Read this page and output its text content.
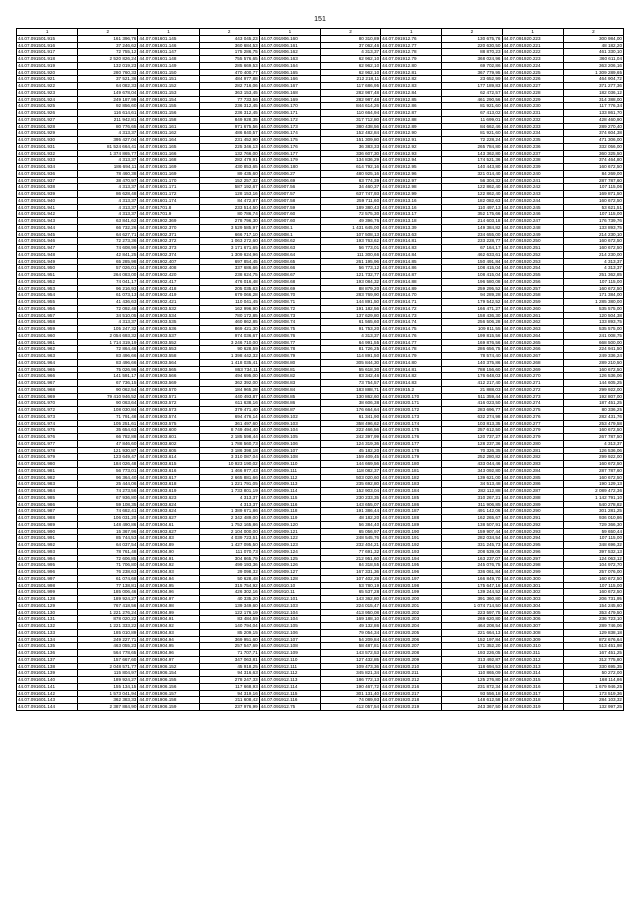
151
1	2	1	2	1	2	1	2	1	2
44.07.091501.915	161 396,76	44.07.091601.145	443 045,23	44.07.091906.160	80 310,89	44.07.091912.76	130 675,76	44.07.091920.223	300 984,00
44.07.091501.916	37 246,62	44.07.091601.146	360 684,53	44.07.091906.161	37 062,46	44.07.091912.77	220 630,50	44.07.091920.221	48 182,20
44.07.091501.917	72 755,12	44.07.091601.147	175 286,75	44.07.091906.162	4 313,37	44.07.091912.78	88 870,23	44.07.091920.222	461 330,10
44.07.091501.918	2 520 826,24	44.07.091601.148	755 576,65	44.07.091906.163	62 962,10	44.07.091912.79	368 024,96	44.07.091920.223	360 611,04
44.07.091501.919	132 019,23	44.07.091601.149	285 669,53	44.07.091906.164	62 962,10	44.07.091912.80	69 702,86	44.07.091920.224	363 206,16
44.07.091501.920	280 760,33	44.07.091601.150	470 400,77	44.07.091906.165	62 962,10	44.07.091912.81	367 779,95	44.07.091920.225	1 309 289,65
44.07.091501.921	37 521,36	44.07.091601.151	484 977,88	44.07.091906.166	212 218,11	44.07.091912.82	23 652,99	44.07.091920.226	464 904,72
44.07.091501.922	64 082,33	44.07.091601.152	282 716,06	44.07.091906.167	117 686,95	44.07.091912.83	177 189,83	44.07.091920.227	371 277,36
44.07.091501.923	149 678,04	44.07.091601.153	363 153,45	44.07.091906.168	282 987,48	44.07.091912.84	62 472,57	44.07.091920.228	182 036,12
44.07.091501.924	249 187,99	44.07.091601.154	77 733,56	44.07.091906.169	282 987,48	44.07.091912.85	461 290,56	44.07.091920.229	314 388,00
44.07.091501.925	92 856,60	44.07.091601.155	236 312,45	44.07.091906.170	844 614,26	44.07.091912.86	81 921,60	44.07.091920.230	117 776,34
44.07.091501.926	116 614,61	44.07.091601.156	236 312,45	44.07.091906.171	110 664,94	44.07.091912.87	67 413,02	44.07.091920.231	133 861,70
44.07.091501.927	211 942,81	44.07.091601.158	849 928,35	44.07.091906.172	317 712,80	44.07.091912.88	11 699,01	44.07.091920.232	428 460,90
44.07.091501.928	80 776,65	44.07.091601.161	971 675,56	44.07.091906.173	380 438,56	44.07.091912.89	84 662,46	44.07.091920.233	289 270,40
44.07.091501.929	4 313,37	44.07.091601.162	486 840,57	44.07.091906.174	152 482,84	44.07.091912.90	81 921,60	44.07.091920.234	374 604,38
44.07.091501.930	395 427,04	44.07.091601.164	231 452,90	44.07.091906.175	151 309,80	44.07.091912.91	72 228,24	44.07.091920.235	471 306,00
44.07.091501.931	81 524 664,41	44.07.091601.165	225 346,13	44.07.091906.176	36 383,33	44.07.091912.92	265 784,80	44.07.091920.236	332 056,00
44.07.091501.932	1 374 865,77	44.07.091601.166	132 766,00	44.07.091906.177	336 607,30	44.07.091912.93	143 362,80	44.07.091920.237	360 325,50
44.07.091501.933	4 313,37	44.07.091601.168	282 479,91	44.07.091906.179	134 836,29	44.07.091912.94	174 521,36	44.07.091920.238	374 464,80
44.07.091501.934	186 694,11	44.07.091601.169	430 853,65	44.07.091906.180	614 792,16	44.07.091912.95	140 443,80	44.07.091920.239	160 672,50
44.07.091501.936	78 460,38	44.07.091601.169	89 435,60	44.07.091906.27	480 925,16	44.07.091912.96	321 014,40	44.07.091920.240	84 269,00
44.07.091501.937	38 470,97	44.07.091601.170	152 257,32	44.07.091906.69	63 774,39	44.07.091912.97	56 304,32	44.07.091920.241	287 787,60
44.07.091501.938	4 313,37	44.07.091601.171	587 192,67	44.07.091907.56	34 460,37	44.07.091912.98	122 862,40	44.07.091920.242	107 115,06
44.07.091501.939	86 628,48	44.07.091601.172	128 153,16	44.07.091907.57	637 747,93	44.07.091912.99	122 862,40	44.07.091920.243	169 871,50
44.07.091501.940	4 313,37	44.07.091601.174	84 472,87	44.07.091907.58	259 711,60	44.07.091913.16	182 082,63	44.07.091920.244	160 672,50
44.07.091501.941	4 313,37	44.07.091701.8	233 514,50	44.07.091907.59	189 380,43	44.07.091913.16	110 497,13	44.07.091920.245	53 621,51
44.07.091501.942	4 313,37	44.07.091701.9	80 786,74	44.07.091907.60	72 575,30	44.07.091913.17	352 175,66	44.07.091920.246	107 115,00
44.07.091501.943	63 841,62	44.07.091902.369	278 796,30	44.07.091907.60	49 396,76	44.07.091913.18	214 603,18	44.07.091920.247	176 739,76
44.07.091501.944	66 732,26	44.07.091902.370	3 529 585,97	44.07.091908.1	1 431 645,00	44.07.091913.39	149 384,82	44.07.091920.248	133 893,75
44.07.091501.945	64 627,71	44.07.091902.371	666 717,10	44.07.091908.1	107 508,13	44.07.091913.63	234 655,00	44.07.091920.249	214 230,10
44.07.091501.946	72 273,36	44.07.091902.372	1 063 272,60	44.07.091908.62	193 763,62	44.07.091914.81	233 228,77	44.07.091920.250	160 672,50
44.07.091501.947	74 608,99	44.07.091902.373	3 171 671,65	44.07.091908.63	56 773,01	44.07.091914.83	67 164,17	44.07.091920.251	160 672,50
44.07.091501.948	42 841,25	44.07.091902.374	1 309 624,96	44.07.091908.64	111 300,66	44.07.091914.84	462 633,61	44.07.091920.252	214 230,00
44.07.091501.949	65 285,98	44.07.091902.407	697 854,45	44.07.091908.65	261 195,96	44.07.091914.85	150 491,84	44.07.091920.253	4 313,37
44.07.091501.950	57 026,01	44.07.091902.408	337 686,66	44.07.091908.66	56 773,12	44.07.091914.86	108 415,04	44.07.091920.254	4 313,37
44.07.091501.951	264 083,00	44.07.091902.420	238 624,75	44.07.091908.67	121 732,77	44.07.091914.87	108 415,04	44.07.091920.255	251 362,85
44.07.091501.952	74 041,17	44.07.091902.417	476 016,48	44.07.091908.68	193 084,32	44.07.091914.88	196 580,08	44.07.091920.256	107 115,00
44.07.091501.953	96 216,93	44.07.091902.418	205 035,63	44.07.091908.69	88 879,20	44.07.091914.89	259 295,52	44.07.091920.257	160 672,50
44.07.091501.954	61 073,13	44.07.091902.419	679 066,28	44.07.091908.70	283 769,90	44.07.091914.70	94 289,28	44.07.091920.258	171 384,00
44.07.091501.955	41 436,63	44.07.091902.421	110 041,45	44.07.091908.71	144 891,50	44.07.091914.71	179 542,52	44.07.091920.259	1 285 380,00
44.07.091501.956	72 092,48	44.07.091903.532	162 996,90	44.07.091908.72	191 182,56	44.07.091914.72	166 471,27	44.07.091920.260	535 575,00
44.07.091501.957	34 510,05	44.07.091903.534	780 172,85	44.07.091908.73	137 629,80	44.07.091914.73	158 436,30	44.07.091920.261	120 504,38
44.07.091501.958	4 313,37	44.07.091903.535	460 862,85	44.07.091908.74	61 565,60	44.07.091914.74	256 506,28	44.07.091920.262	133 893,75
44.07.091501.959	105 247,32	44.07.091903.536	869 421,30	44.07.091908.75	91 753,20	44.07.091914.75	109 811,55	44.07.091920.263	535 575,00
44.07.091501.960	2 054 693,32	44.07.091903.537	974 036,67	44.07.091908.76	4 313,37	44.07.091914.76	199 815,56	44.07.091920.264	241 008,75
44.07.091501.961	1 714 319,19	44.07.091903.552	3 246 710,00	44.07.091908.77	64 991,55	44.07.091914.77	169 876,56	44.07.091920.265	668 500,00
44.07.091501.962	72 864,46	44.07.091903.553	90 628,59	44.07.091908.78	81 726,25	44.07.091914.78	286 656,75	44.07.091920.266	224 941,50
44.07.091501.963	83 496,66	44.07.091903.558	1 398 442,32	44.07.091908.79	114 891,50	44.07.091914.79	78 574,40	44.07.091920.267	249 336,24
44.07.091501.964	83 496,66	44.07.091903.564	1 418 035,41	44.07.091908.80	305 844,30	44.07.091914.80	140 375,86	44.07.091920.268	289 210,50
44.07.091501.965	75 026,96	44.07.091903.565	863 734,11	44.07.091908.81	55 618,30	44.07.091914.81	788 156,60	44.07.091920.269	160 672,50
44.07.091501.966	141 591,17	44.07.091903.566	494 695,00	44.07.091908.82	83 342,46	44.07.091914.82	176 648,03	44.07.091920.270	126 536,06
44.07.091501.967	67 736,15	44.07.091903.569	362 392,00	44.07.091908.83	73 754,57	44.07.091914.83	412 217,40	44.07.091920.271	144 605,25
44.07.091501.968	90 062,54	44.07.091903.570	184 965,28	44.07.091908.84	183 888,71	44.07.091915.2	21 888,03	44.07.091920.272	299 922,00
44.07.091501.969	79 410 946,52	44.07.091903.571	440 493,87	44.07.091908.85	130 862,60	44.07.091920.170	511 359,44	44.07.091920.273	192 807,00
44.07.091501.970	90 063,64	44.07.091903.572	611 638,16	44.07.091908.86	38 606,38	44.07.091920.171	416 023,50	44.07.091920.274	187 451,25
44.07.091501.972	108 030,84	44.07.091903.573	379 471,40	44.07.091908.87	176 664,64	44.07.091920.172	283 696,77	44.07.091920.275	80 336,25
44.07.091501.973	71 791,48	44.07.091903.574	694 476,14	44.07.091909.102	61 341,90	44.07.091920.173	632 274,98	44.07.091920.276	282 431,76
44.07.091501.974	105 251,61	44.07.091903.575	361 497,60	44.07.091909.103	358 496,62	44.07.091920.174	103 813,35	44.07.091920.277	253 479,58
44.07.091501.975	35 654,63	44.07.091903.600	8 749 494,40	44.07.091909.104	222 466,56	44.07.091920.175	257 612,50	44.07.091920.279	160 672,50
44.07.091501.976	66 782,88	44.07.091903.601	2 185 598,44	44.07.091909.105	242 397,99	44.07.091920.176	120 737,27	44.07.091920.279	267 787,50
44.07.091501.977	47 846,60	44.07.091903.602	1 788 560,73	44.07.091909.106	124 319,36	44.07.091920.177	128 237,36	44.07.091920.280	4 313,37
44.07.091501.978	121 930,87	44.07.091903.605	3 186 398,18	44.07.091909.107	45 182,20	44.07.091920.178	70 326,35	44.07.091920.281	126 536,06
44.07.091501.979	123 649,47	44.07.091903.614	3 310 087,04	44.07.091909.108	159 409,45	44.07.091920.179	252 280,82	44.07.091920.282	299 922,00
44.07.091501.980	184 026,48	44.07.091903.615	10 923 190,02	44.07.091909.110	144 669,56	44.07.091920.180	433 044,46	44.07.091920.283	160 672,50
44.07.091501.981	56 773,01	44.07.091903.616	1 466 977,43	44.07.091909.111	118 082,37	44.07.091920.181	343 092,80	44.07.091920.284	287 787,60
44.07.091501.982	96 364,40	44.07.091903.617	2 665 881,66	44.07.091909.112	503 020,60	44.07.091920.182	139 621,00	44.07.091920.285	160 672,50
44.07.091501.983	25 444,06	44.07.091903.618	1 221 791,05	44.07.091909.113	235 692,80	44.07.091920.183	34 513,48	44.07.091920.286	190 129,13
44.07.091501.984	74 273,56	44.07.091903.619	1 733 801,19	44.07.091909.114	152 903,04	44.07.091920.184	282 112,88	44.07.091920.287	2 089 472,36
44.07.091501.985	67 936,80	44.07.091903.623	4 313,37	44.07.091909.115	230 233,35	44.07.091920.185	310 267,21	44.07.091920.288	1 142 791,10
44.07.091501.986	59 108,35	44.07.091903.624	4 313,37	44.07.091909.116	143 655,07	44.07.091920.186	311 906,85	44.07.091920.289	540 278,82
44.07.091501.987	74 682,41	44.07.091903.624	1 389 671,86	44.07.091909.118	191 386,44	44.07.091920.187	491 142,06	44.07.091920.290	301 281,25
44.07.091501.988	106 031,20	44.07.091903.627	2 342 489,00	44.07.091909.119	48 182,20	44.07.091920.188	162 265,67	44.07.091920.291	936 010,86
44.07.091501.989	148 490,86	44.07.091904.61	1 752 165,86	44.07.091909.120	56 384,40	44.07.091920.189	138 507,91	44.07.091920.292	729 366,30
44.07.091501.990	15 367,96	44.07.091903.627	2 104 000,00	44.07.091909.121	65 056,97	44.07.091920.190	159 907,44	44.07.091920.293	59 650,44
44.07.091501.991	85 744,53	44.07.091904.83	4 039 723,51	44.07.091909.122	248 545,76	44.07.091920.191	282 034,54	44.07.091920.294	107 115,00
44.07.091501.992	64 037,54	44.07.091904.89	1 427 095,50	44.07.091909.123	232 404,21	44.07.091920.192	331 245,73	44.07.091920.295	348 696,32
44.07.091501.993	78 761,48	44.07.091904.90	111 070,73	44.07.091909.124	77 691,32	44.07.091920.193	208 539,05	44.07.091920.296	397 532,13
44.07.091501.994	72 606,85	44.07.091904.91	304 865,79	44.07.091909.125	212 951,60	44.07.091920.194	163 237,07	44.07.091920.297	124 063,12
44.07.091501.995	71 706,80	44.07.091904.92	499 193,36	44.07.091909.126	84 318,55	44.07.091920.195	245 076,75	44.07.091920.298	104 972,70
44.07.091501.996	76 238,63	44.07.091904.93	29 098,32	44.07.091909.127	167 331,36	44.07.091920.196	336 061,84	44.07.091920.299	257 076,00
44.07.091501.997	61 074,68	44.07.091904.94	50 628,48	44.07.091909.128	107 402,28	44.07.091920.197	166 849,70	44.07.091920.300	160 672,50
44.07.091501.998	77 138,81	44.07.091904.95	315 754,92	44.07.091910.10	53 780,19	44.07.091920.198	175 647,16	44.07.091920.301	107 115,00
44.07.091501.999	185 006,46	44.07.091904.96	426 302,16	44.07.091910.11	65 537,28	44.07.091920.199	139 244,52	44.07.091920.302	160 672,50
44.07.091601.128	189 924,27	44.07.091904.97	40 335,20	44.07.091912.101	143 362,80	44.07.091920.200	391 360,80	44.07.091920.303	206 731,95
44.07.091601.129	767 418,56	44.07.091904.98	139 349,60	44.07.091912.103	224 015,47	44.07.091920.201	1 074 714,50	44.07.091920.304	154 245,60
44.07.091601.130	1 221 276,24	44.07.091904.99	122 176,19	44.07.091912.104	413 950,08	44.07.091920.202	223 597,75	44.07.091920.305	353 479,50
44.07.091601.131	878 020,22	44.07.091904.91	83 484,59	44.07.091912.104	169 188,10	44.07.091920.203	269 620,80	44.07.091920.306	236 723,10
44.07.091601.132	1 221 333,22	44.07.091904.92	140 794,04	44.07.091912.105	49 132,86	44.07.091920.204	464 208,54	44.07.091920.307	289 746,06
44.07.091601.133	185 010,89	44.07.091904.93	85 209,15	44.07.091912.106	79 054,34	44.07.091920.205	221 664,13	44.07.091920.308	129 838,18
44.07.091601.134	249 227,71	44.07.091904.94	369 951,60	44.07.091912.107	54 209,84	44.07.091920.206	152 197,84	44.07.091920.309	872 676,64
44.07.091601.135	463 055,23	44.07.091904.95	257 547,69	44.07.091912.108	58 487,81	44.07.091920.207	171 352,20	44.07.091920.310	513 451,98
44.07.091601.136	564 778,65	44.07.091904.96	71 707,71	44.07.091912.109	143 572,53	44.07.091920.208	193 226,05	44.07.091920.311	167 451,25
44.07.091601.137	157 667,60	44.07.091904.97	347 063,81	44.07.091912.110	127 432,85	44.07.091920.209	313 492,87	44.07.091920.312	312 775,80
44.07.091601.138	2 048 571,77	44.07.091906.152	45 918,25	44.07.091912.111	109 473,36	44.07.091920.210	118 694,53	44.07.091920.313	330 695,35
44.07.091601.139	115 804,97	44.07.091906.154	94 316,63	44.07.091912.112	345 821,34	44.07.091920.211	110 865,09	44.07.091920.314	50 272,00
44.07.091601.140	189 924,27	44.07.091906.155	278 247,33	44.07.091912.113	186 772,13	44.07.091920.212	125 276,80	44.07.091920.315	168 114,86
44.07.091601.141	155 134,15	44.07.091906.156	117 668,93	44.07.091912.114	190 467,72	44.07.091920.216	231 872,34	44.07.091920.316	1 679 946,25
44.07.091601.142	1 573 041,94	44.07.091906.157	94 319,16	44.07.091912.115	301 131,40	44.07.091920.217	93 556,18	44.07.091920.317	173 519,36
44.07.091601.143	362 383,33	44.07.091906.158	211 608,42	44.07.091912.116	74 089,93	44.07.091920.218	148 612,58	44.07.091920.318	284 103,32
44.07.091601.144	2 387 884,90	44.07.091906.159	237 976,99	44.07.091912.75	412 057,54	44.07.091920.219	243 367,50	44.07.091920.319	132 997,25
